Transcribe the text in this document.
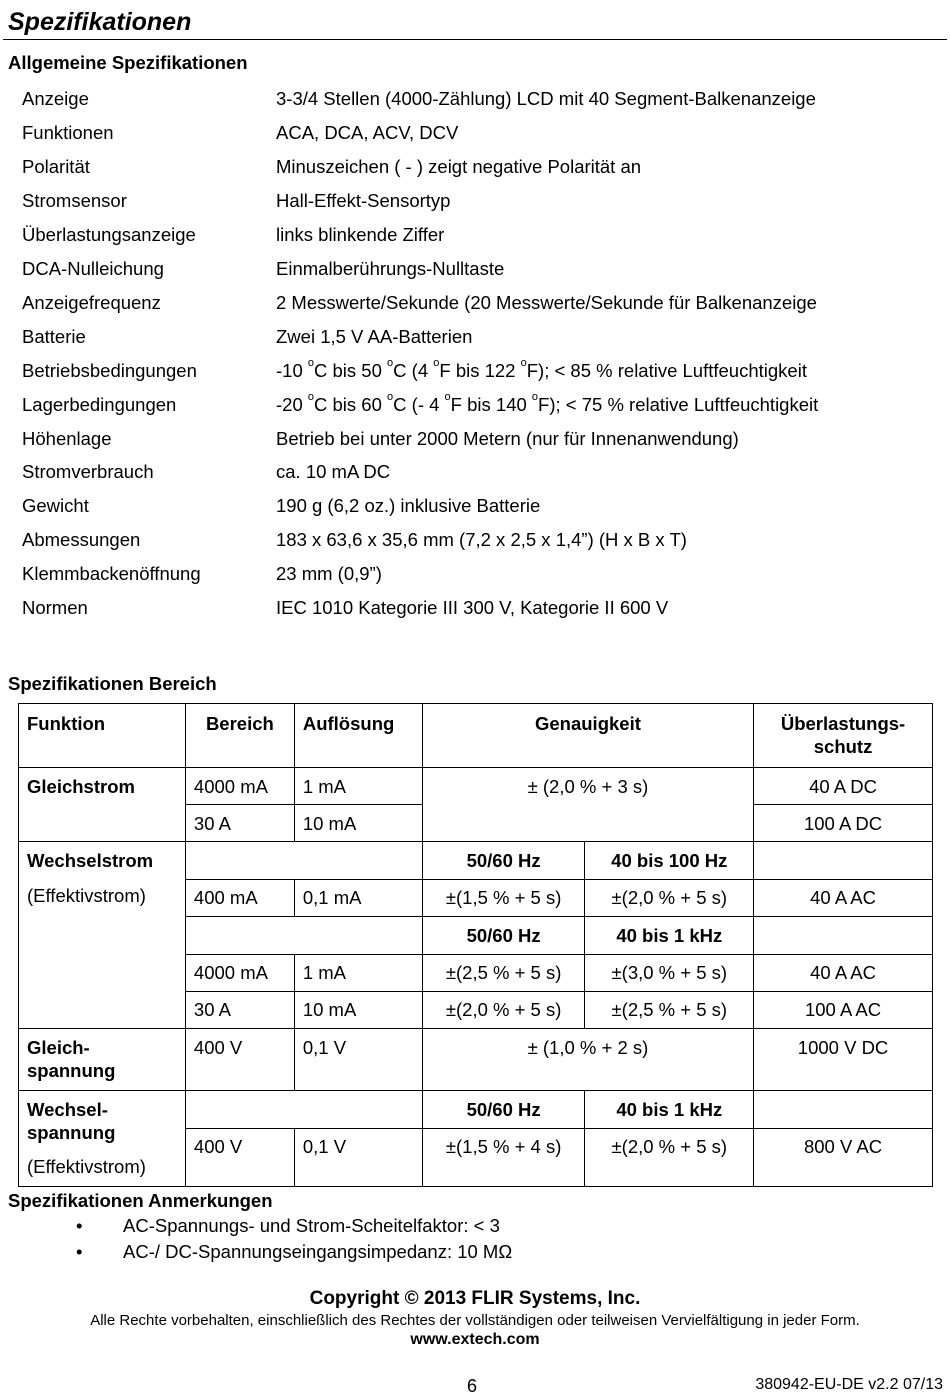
Spezifikationen
Allgemeine Spezifikationen
Anzeige	3-3/4 Stellen (4000-Zählung) LCD mit 40 Segment-Balkenanzeige
Funktionen	ACA, DCA, ACV, DCV
Polarität	Minuszeichen ( - ) zeigt negative Polarität an
Stromsensor	Hall-Effekt-Sensortyp
Überlastungsanzeige	links blinkende Ziffer
DCA-Nulleichung	Einmalberührungs-Nulltaste
Anzeigefrequenz	2 Messwerte/Sekunde (20 Messwerte/Sekunde für Balkenanzeige
Batterie	Zwei 1,5 V AA-Batterien
Betriebsbedingungen	-10 $^o$C bis 50 $^o$C (4 $^o$F bis 122 $^o$F); < 85 % relative Luftfeuchtigkeit
Lagerbedingungen	-20 $^o$C bis 60 $^o$C (- 4 $^o$F bis 140 $^o$F); < 75 % relative Luftfeuchtigkeit
Höhenlage	Betrieb bei unter 2000 Metern (nur für Innenanwendung)
Stromverbrauch	ca. 10 mA DC
Gewicht	190 g (6,2 oz.) inklusive Batterie
Abmessungen	183 x 63,6 x 35,6 mm (7,2 x 2,5 x 1,4”) (H x B x T)
Klemmbackenöffnung	23 mm (0,9”)
Normen	IEC 1010 Kategorie III 300 V, Kategorie II 600 V
Spezifikationen Bereich
Funktion	Bereich	Auflösung	Genauigkeit		Überlastungs-schutz
Gleichstrom	4000 mA	1 mA	± (2,0 % + 3 s)		40 A DC
	30 A	10 mA			100 A DC
Wechselstrom
(Effektivstrom)			50/60 Hz	40 bis 100 Hz	
	400 mA	0,1 mA	±(1,5 % + 5 s)	±(2,0 % + 5 s)	40 A AC
			50/60 Hz	40 bis 1 kHz	
	4000 mA	1 mA	±(2,5 % + 5 s)	±(3,0 % + 5 s)	40 A AC
	30 A	10 mA	±(2,0 % + 5 s)	±(2,5 % + 5 s)	100 A AC

Gleich-
spannung	400 V	0,1 V	± (1,0 % + 2 s)		1000 V DC

Wechsel-
spannung
(Effektivstrom)			50/60 Hz	40 bis 1 kHz	
	400 V	0,1 V	±(1,5 % + 4 s)	±(2,0 % + 5 s)	800 V AC
Spezifikationen Anmerkungen
• AC-Spannungs- und Strom-Scheitelfaktor: < 3
• AC-/ DC-Spannungseingangsimpedanz: 10 MΩ
Copyright © 2013 FLIR Systems, Inc.
Alle Rechte vorbehalten, einschließlich des Rechtes der vollständigen oder teilweisen Vervielfältigung in jeder Form.
www.extech.com
6	380942-EU-DE v2.2 07/13
